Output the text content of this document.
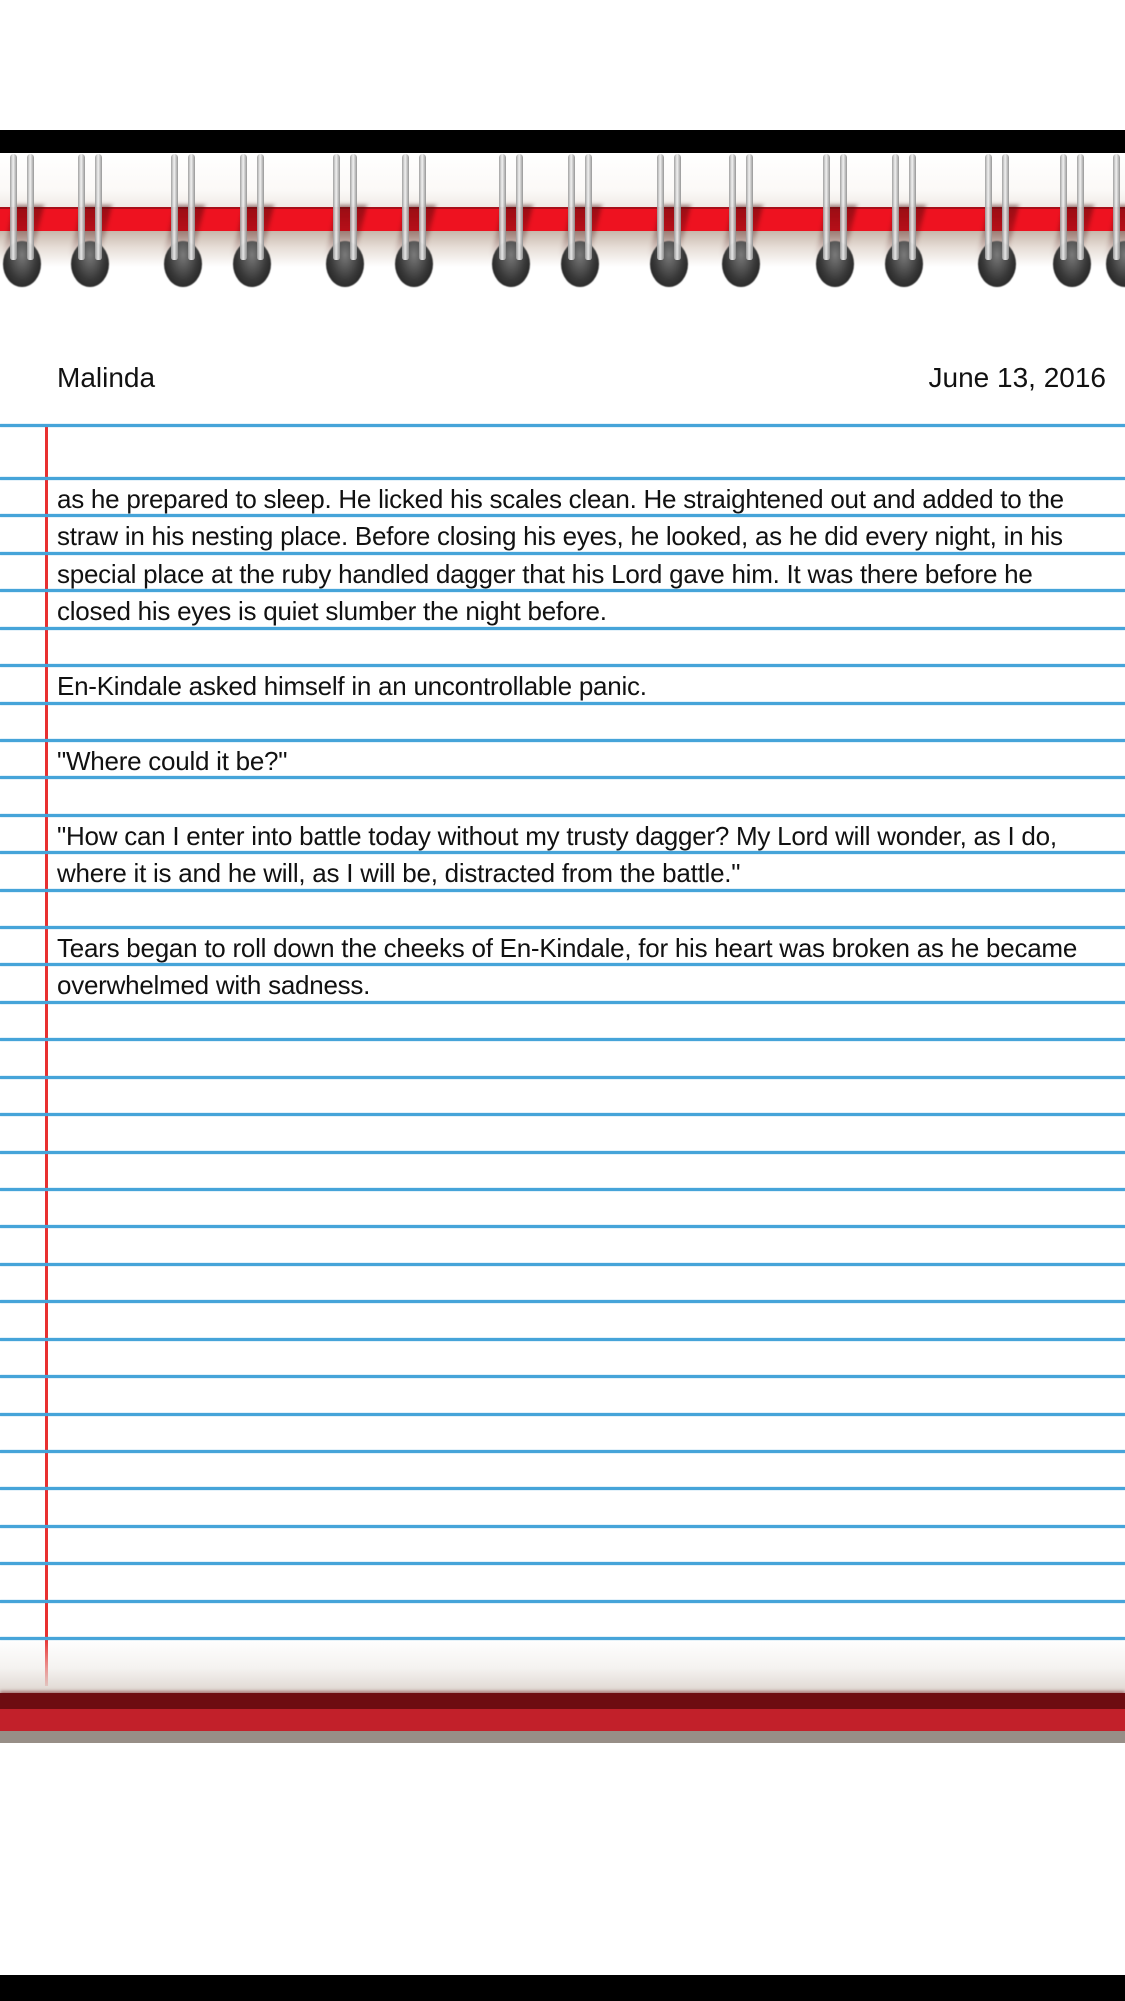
Malinda	June 13, 2016
as he prepared to sleep. He licked his scales clean. He straightened out and added to the
straw in his nesting place. Before closing his eyes, he looked, as he did every night, in his
special place at the ruby handled dagger that his Lord gave him. It was there before he
closed his eyes is quiet slumber the night before.
En-Kindale asked himself in an uncontrollable panic.
"Where could it be?"
"How can I enter into battle today without my trusty dagger? My Lord will wonder, as I do,
where it is and he will, as I will be, distracted from the battle."
Tears began to roll down the cheeks of En-Kindale, for his heart was broken as he became
overwhelmed with sadness.
